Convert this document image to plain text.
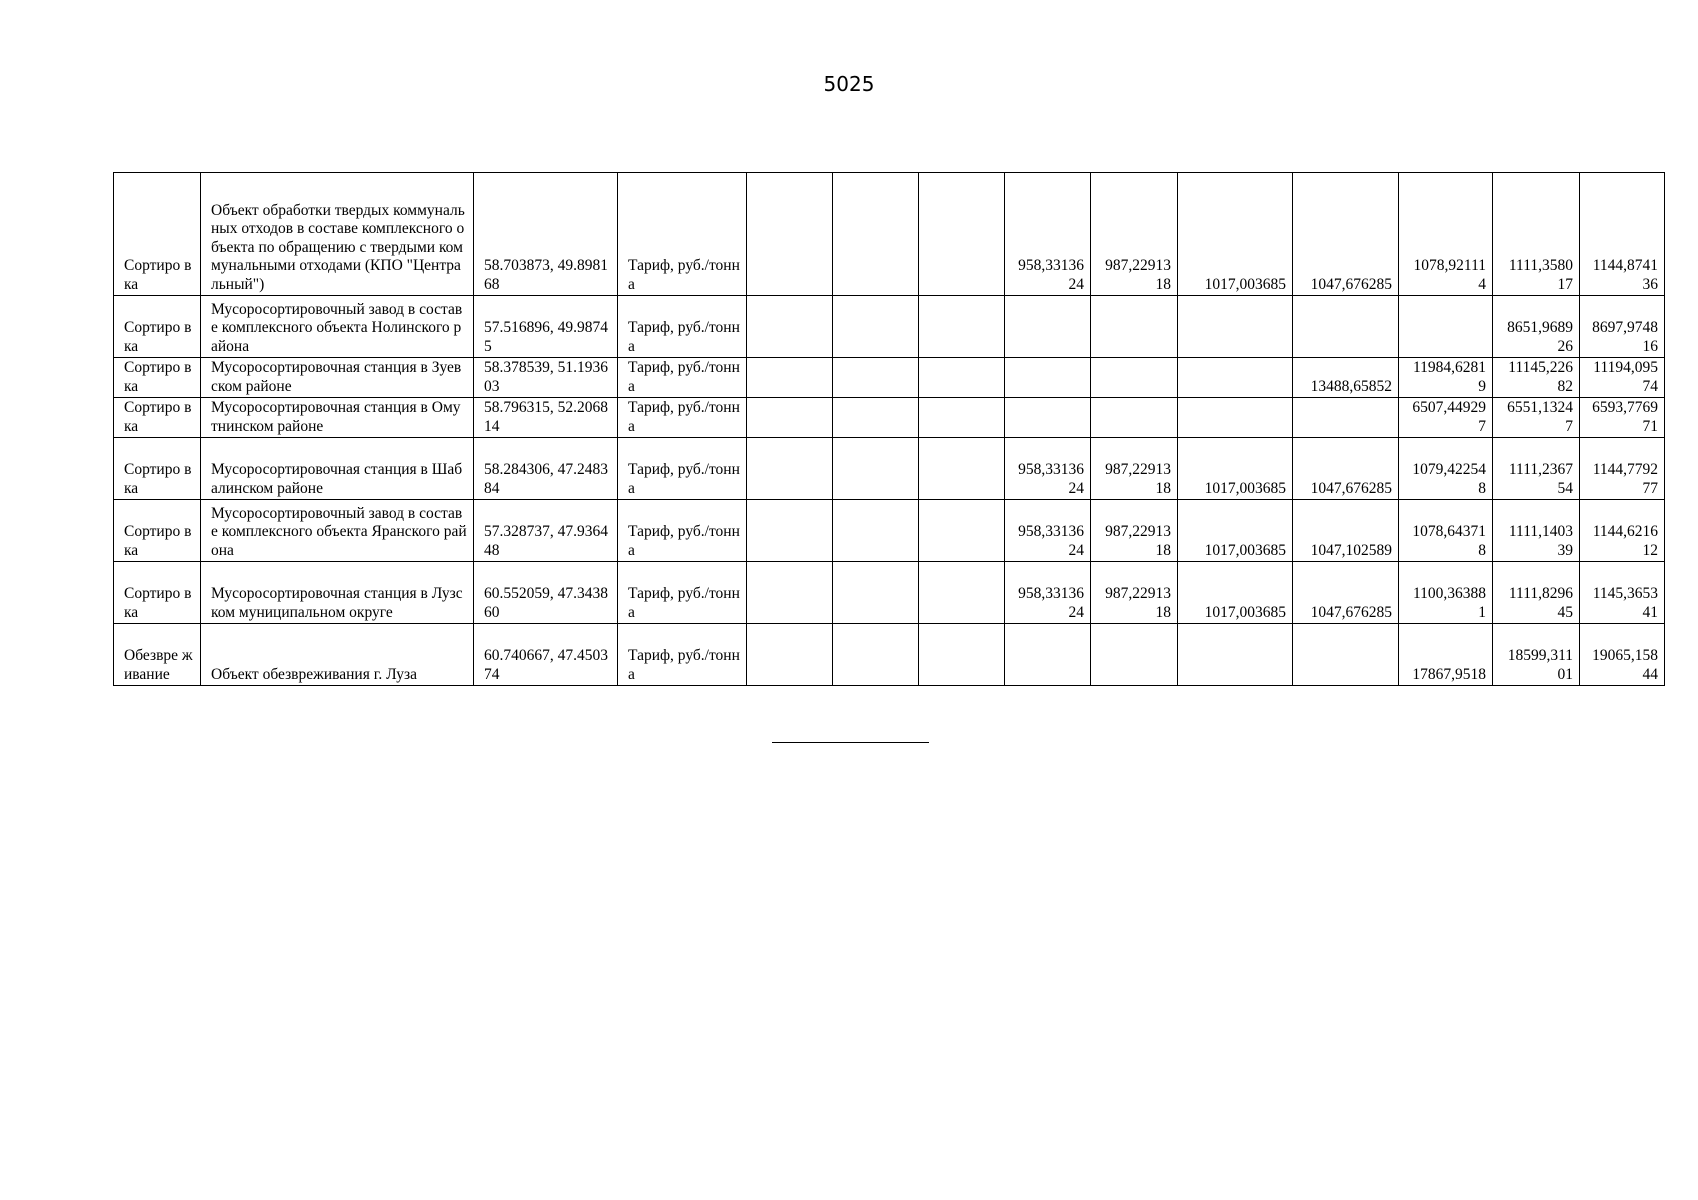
5025
Сортиро вка	Объект обработки твердых коммунальных отходов в составе комплексного объекта по обращению с твердыми коммунальными отходами (КПО "Центральный")	58.703873, 49.898168	Тариф, руб./тонна				958,3313624	987,2291318	1017,003685	1047,676285	1078,921114	1111,358017	1144,874136
Сортиро вка	Мусоросортировочный завод в составе комплексного объекта Нолинского района	57.516896, 49.98745	Тариф, руб./тонна									8651,968926	8697,974816
Сортиро вка	Мусоросортировочная станция в Зуевском районе	58.378539, 51.193603	Тариф, руб./тонна							13488,65852	11984,62819	11145,22682	11194,09574
Сортиро вка	Мусоросортировочная станция в Омутнинском районе	58.796315, 52.206814	Тариф, руб./тонна								6507,449297	6551,13247	6593,776971
Сортиро вка	Мусоросортировочная станция в Шабалинском районе	58.284306, 47.248384	Тариф, руб./тонна				958,3313624	987,2291318	1017,003685	1047,676285	1079,422548	1111,236754	1144,779277
Сортиро вка	Мусоросортировочный завод в составе комплексного объекта Яранского района	57.328737, 47.936448	Тариф, руб./тонна				958,3313624	987,2291318	1017,003685	1047,102589	1078,643718	1111,140339	1144,621612
Сортиро вка	Мусоросортировочная станция в Лузском муниципальном округе	60.552059, 47.343860	Тариф, руб./тонна				958,3313624	987,2291318	1017,003685	1047,676285	1100,363881	1111,829645	1145,365341
Обезвре живание	Объект обезвреживания г. Луза	60.740667, 47.450374	Тариф, руб./тонна								17867,9518	18599,31101	19065,15844
